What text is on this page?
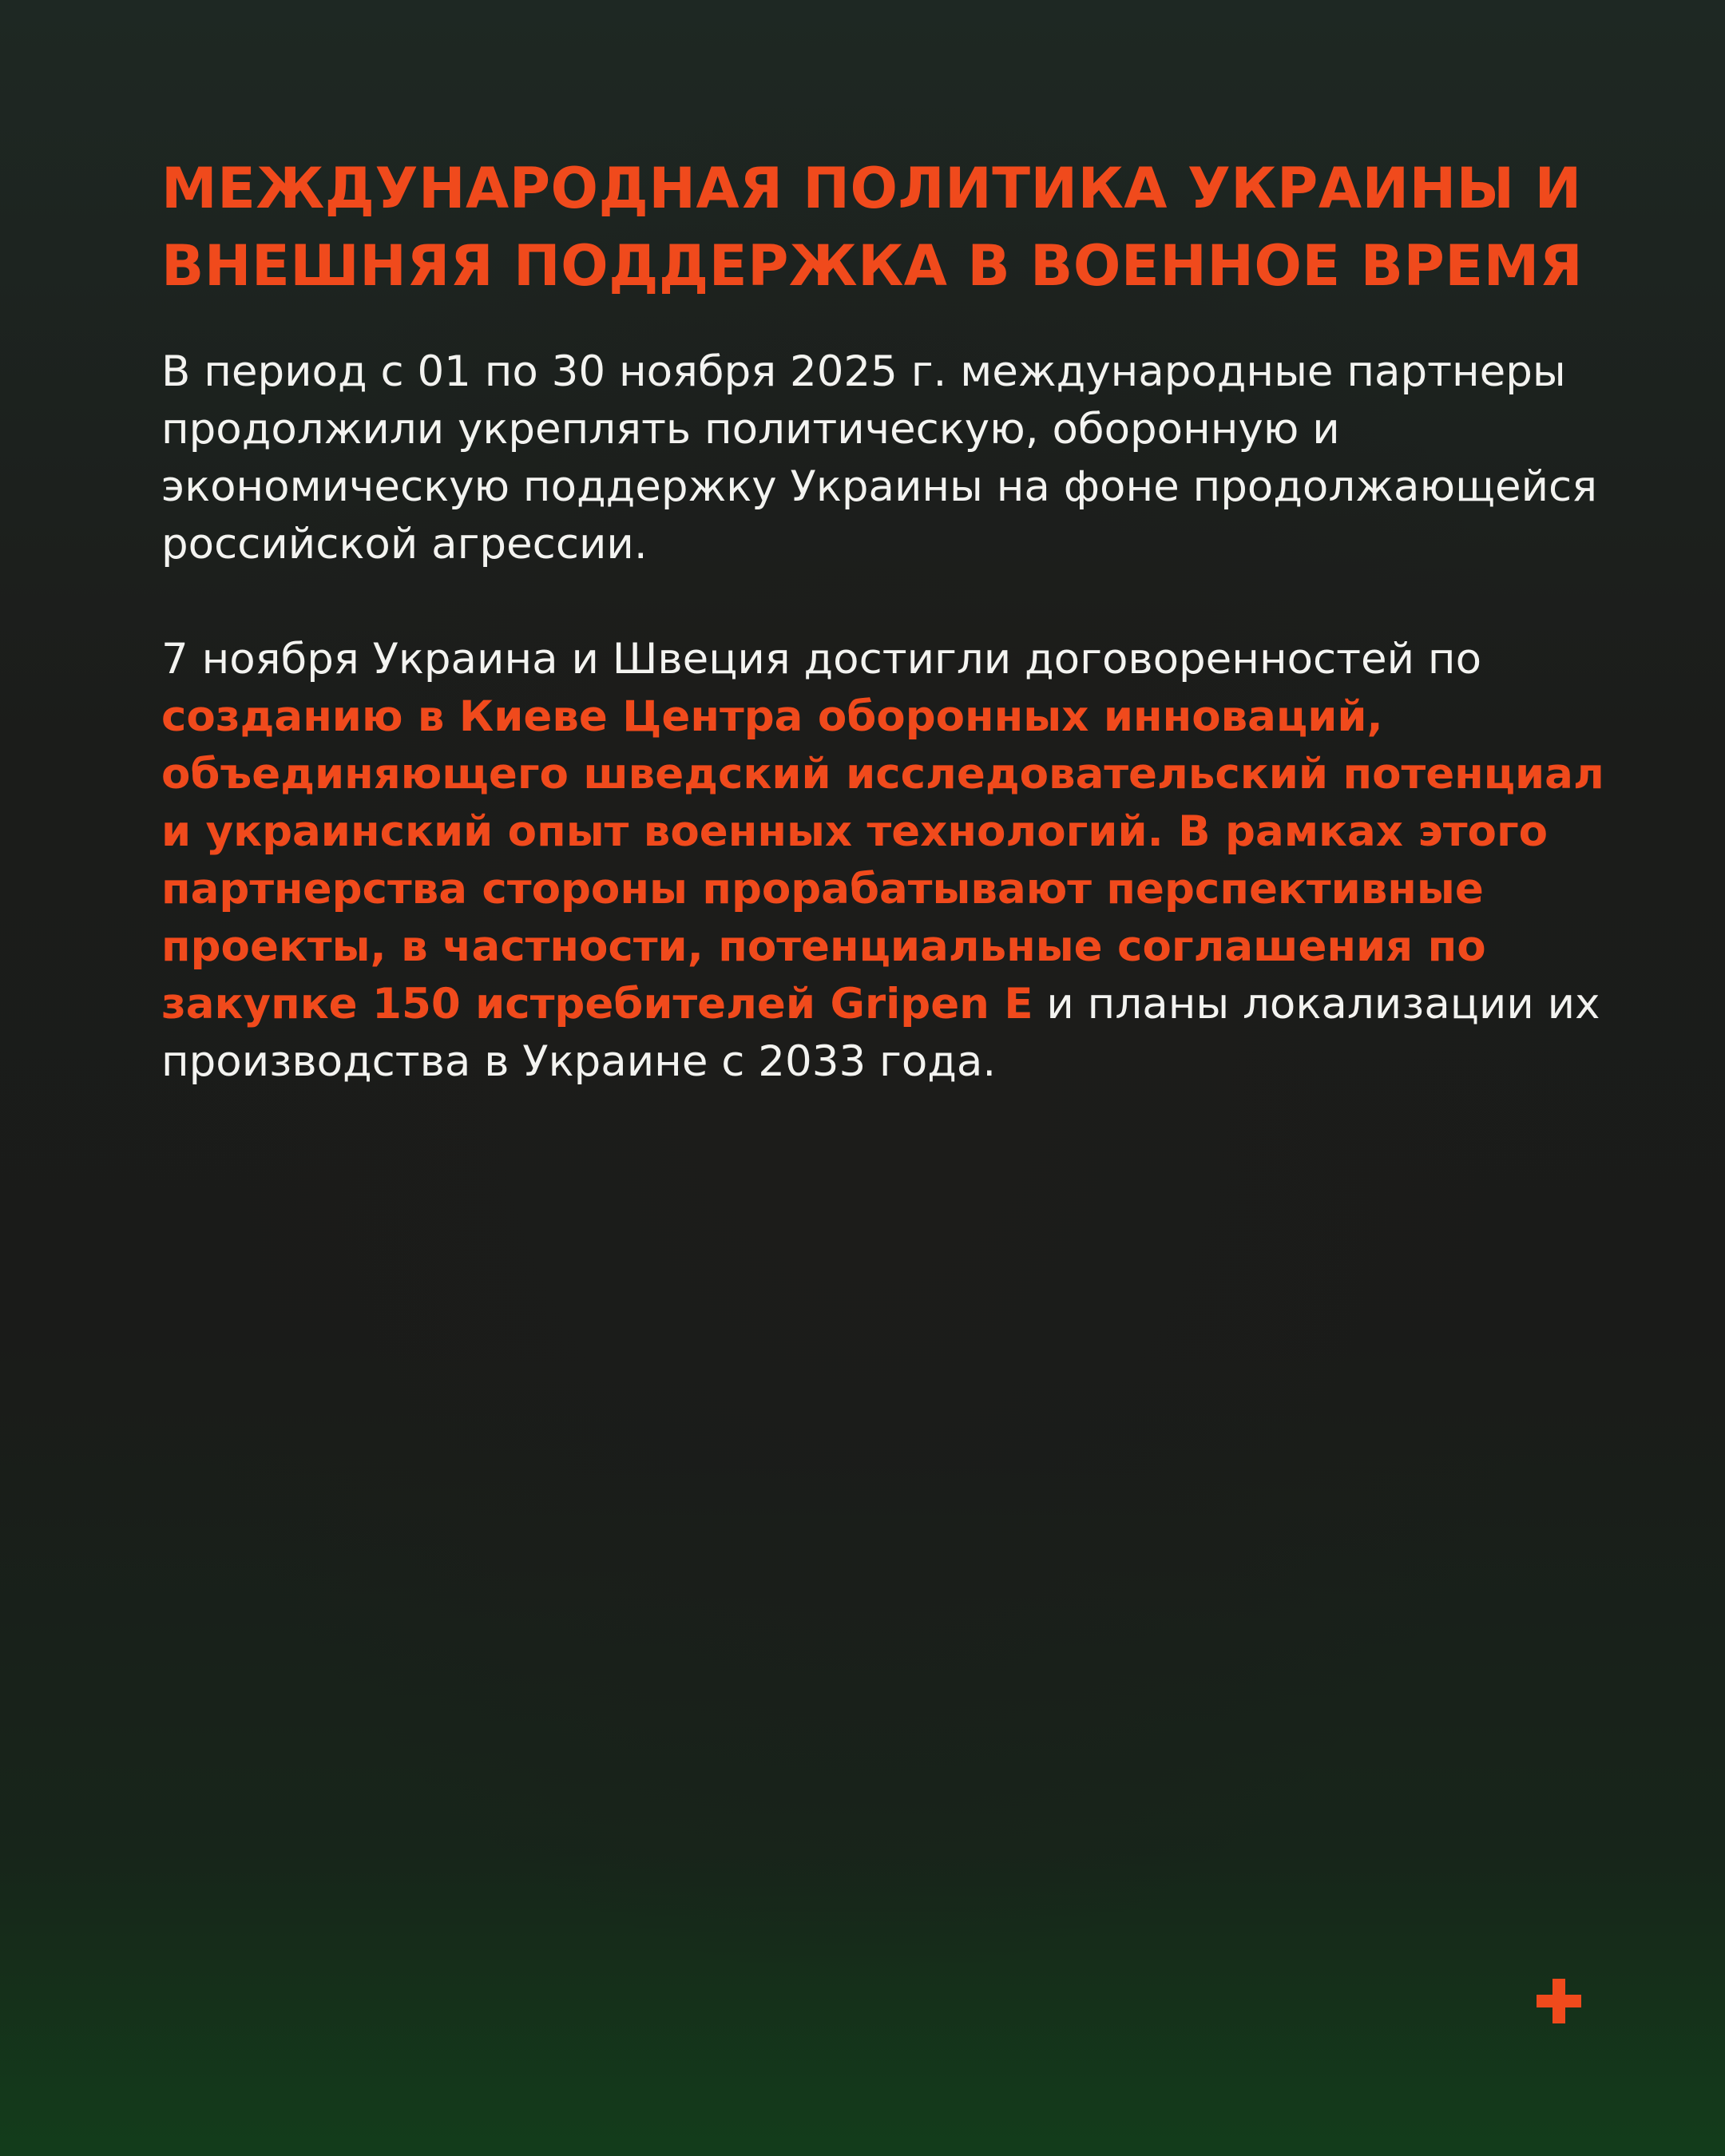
МЕЖДУНАРОДНАЯ ПОЛИТИКА УКРАИНЫ И ВНЕШНЯЯ ПОДДЕРЖКА В ВОЕННОЕ ВРЕМЯ

В период с 01 по 30 ноября 2025 г. международные партнеры продолжили укреплять политическую, оборонную и экономическую поддержку Украины на фоне продолжающейся российской агрессии.

7 ноября Украина и Швеция достигли договоренностей по созданию в Киеве Центра оборонных инноваций, объединяющего шведский исследовательский потенциал и украинский опыт военных технологий. В рамках этого партнерства стороны прорабатывают перспективные проекты, в частности, потенциальные соглашения по закупке 150 истребителей Gripen E и планы локализации их производства в Украине с 2033 года.
